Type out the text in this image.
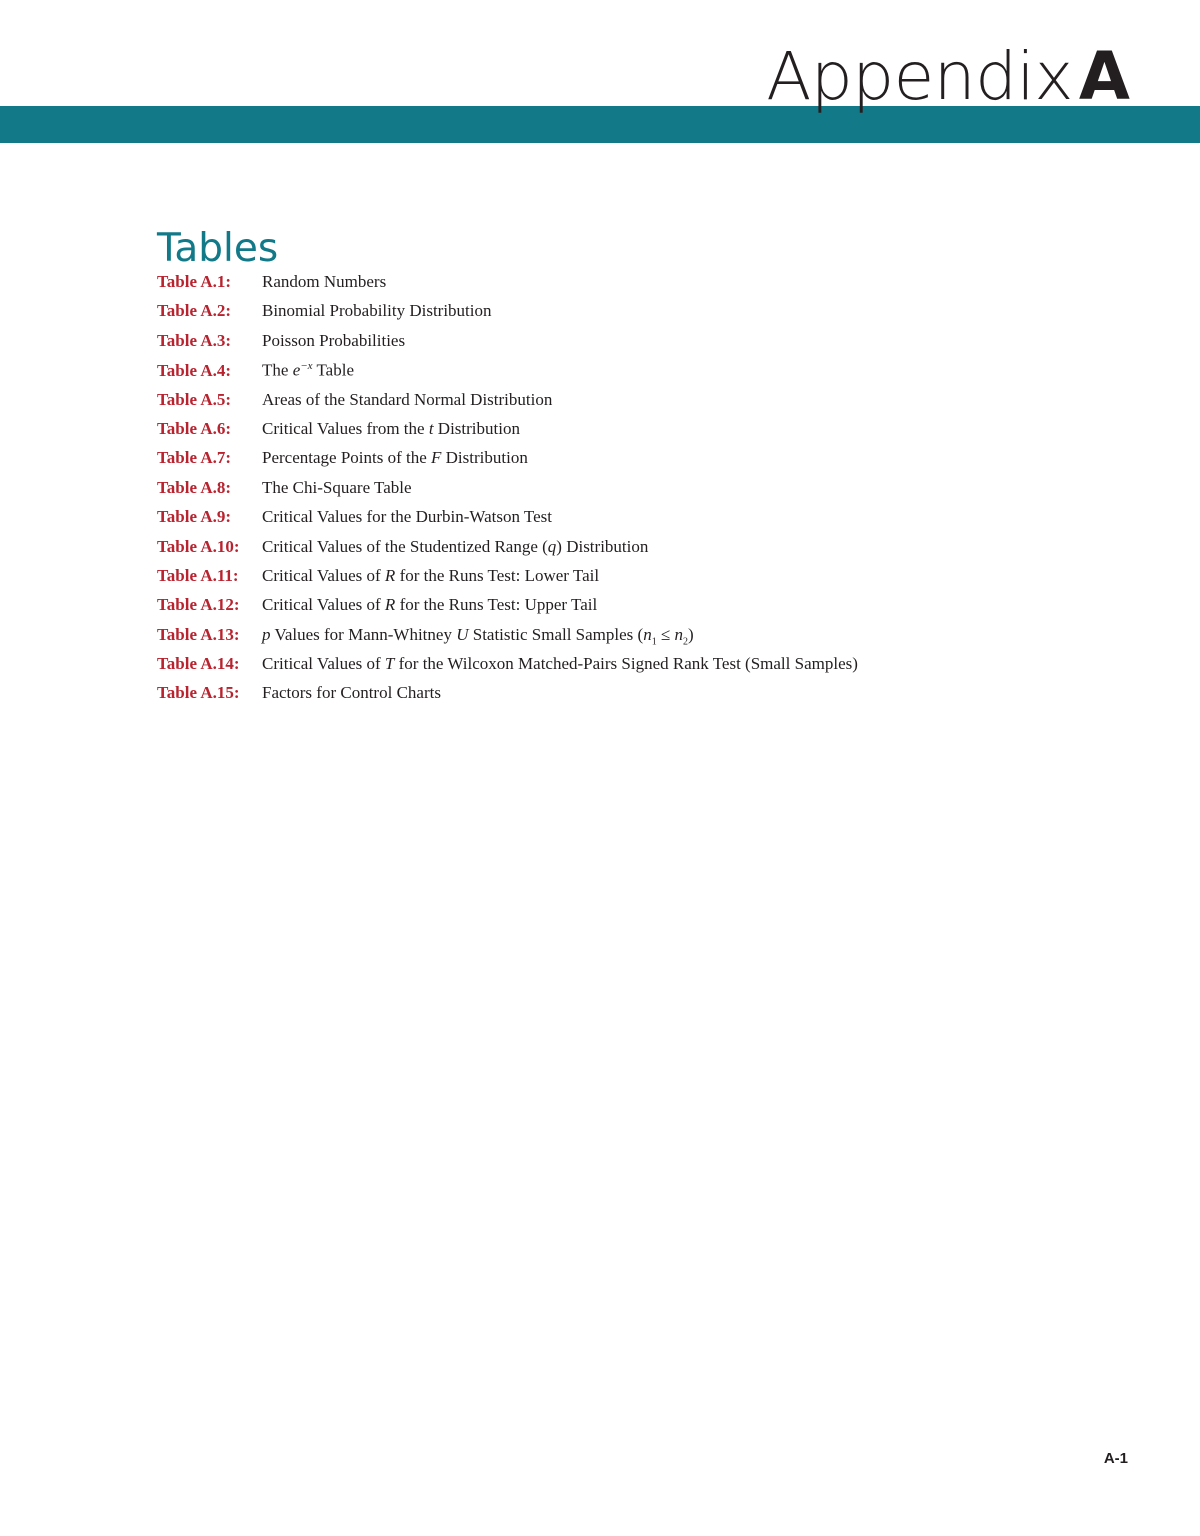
AppendixA
Tables
Table A.1:	Random Numbers
Table A.2:	Binomial Probability Distribution
Table A.3:	Poisson Probabilities
Table A.4:	The $e^{-x}$ Table
Table A.5:	Areas of the Standard Normal Distribution
Table A.6:	Critical Values from the t Distribution
Table A.7:	Percentage Points of the F Distribution
Table A.8:	The Chi-Square Table
Table A.9:	Critical Values for the Durbin-Watson Test
Table A.10:	Critical Values of the Studentized Range (q) Distribution
Table A.11:	Critical Values of R for the Runs Test: Lower Tail
Table A.12:	Critical Values of R for the Runs Test: Upper Tail
Table A.13:	p Values for Mann-Whitney U Statistic Small Samples $(n_1 \le n_2)$
Table A.14:	Critical Values of T for the Wilcoxon Matched-Pairs Signed Rank Test (Small Samples)
Table A.15:	Factors for Control Charts
A-1
